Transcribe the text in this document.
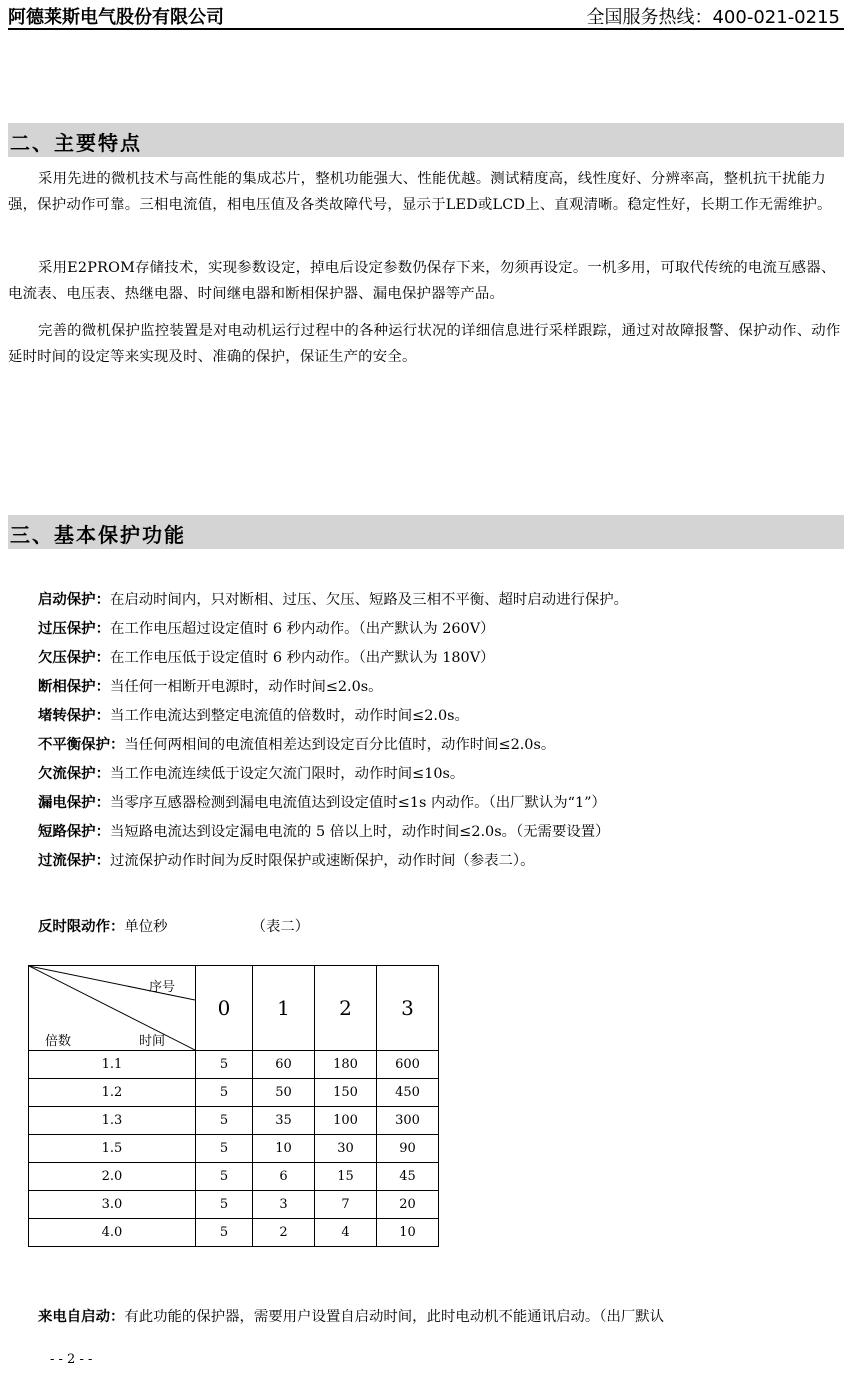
阿德莱斯电气股份有限公司	全国服务热线：400-021-0215
二、主要特点

采用先进的微机技术与高性能的集成芯片，整机功能强大、性能优越。测试精度高，线性度好、分辨率高，整机抗干扰能力强，保护动作可靠。三相电流值，相电压值及各类故障代号，显示于LED或LCD上、直观清晰。稳定性好，长期工作无需维护。

采用E2PROM存储技术，实现参数设定，掉电后设定参数仍保存下来，勿须再设定。一机多用，可取代传统的电流互感器、电流表、电压表、热继电器、时间继电器和断相保护器、漏电保护器等产品。

完善的微机保护监控装置是对电动机运行过程中的各种运行状况的详细信息进行采样跟踪，通过对故障报警、保护动作、动作延时时间的设定等来实现及时、准确的保护，保证生产的安全。

三、基本保护功能
启动保护：在启动时间内，只对断相、过压、欠压、短路及三相不平衡、超时启动进行保护。
过压保护：在工作电压超过设定值时 6 秒内动作。（出产默认为 260V）
欠压保护：在工作电压低于设定值时 6 秒内动作。（出产默认为 180V）
断相保护：当任何一相断开电源时，动作时间≤2.0s。
堵转保护：当工作电流达到整定电流值的倍数时，动作时间≤2.0s。
不平衡保护：当任何两相间的电流值相差达到设定百分比值时，动作时间≤2.0s。
欠流保护：当工作电流连续低于设定欠流门限时，动作时间≤10s。
漏电保护：当零序互感器检测到漏电电流值达到设定值时≤1s 内动作。（出厂默认为“1”）
短路保护：当短路电流达到设定漏电电流的 5 倍以上时，动作时间≤2.0s。（无需要设置）
过流保护：过流保护动作时间为反时限保护或速断保护，动作时间（参表二）。
反时限动作：单位秒	（表二）
序号
倍数 时间	0	1	2	3
1.1	5	60	180	600
1.2	5	50	150	450
1.3	5	35	100	300
1.5	5	10	30	90
2.0	5	6	15	45
3.0	5	3	7	20
4.0	5	2	4	10
来电自启动：有此功能的保护器，需要用户设置自启动时间，此时电动机不能通讯启动。（出厂默认
- - 2 - -
